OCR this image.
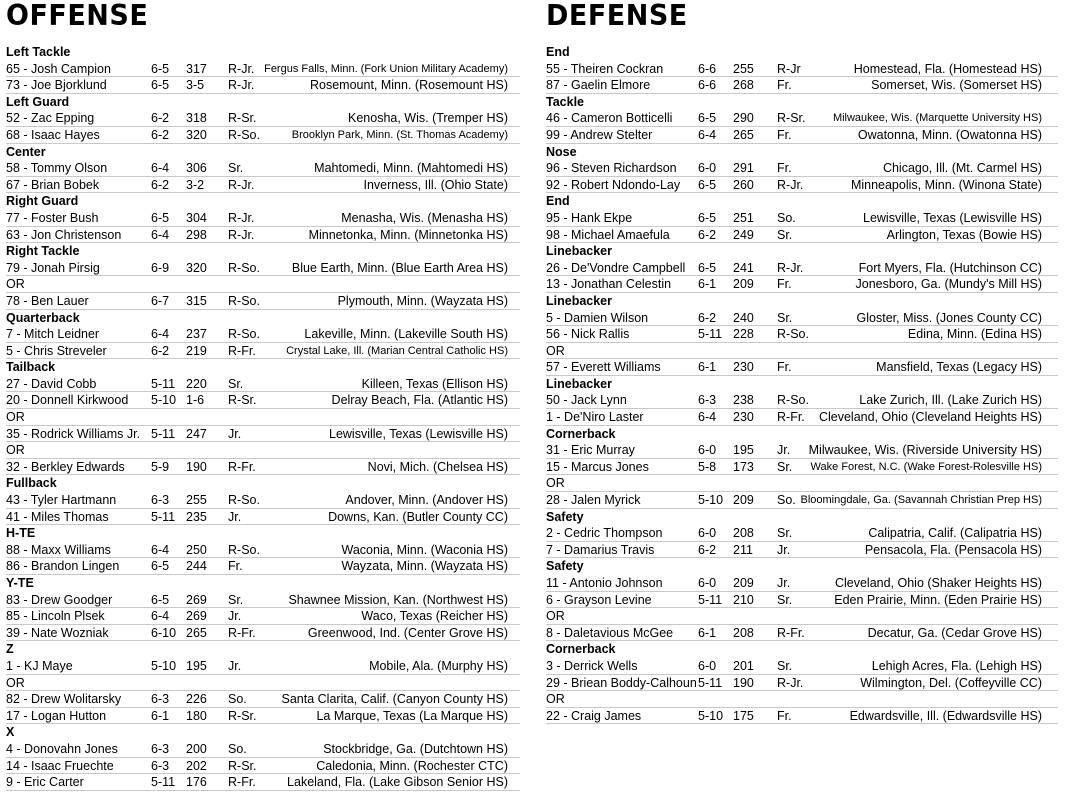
OFFENSE
Left Tackle
65 - Josh Campion	6-5 317 R-Jr. Fergus Falls, Minn. (Fork Union Military Academy)
73 - Joe Bjorklund	6-5 3-5 R-Jr.	Rosemount, Minn. (Rosemount HS)
Left Guard
52 - Zac Epping	6-2 318 R-Sr.	Kenosha, Wis. (Tremper HS)
68 - Isaac Hayes	6-2 320 R-So.	Brooklyn Park, Minn. (St. Thomas Academy)
Center
58 - Tommy Olson	6-4 306 Sr.	Mahtomedi, Minn. (Mahtomedi HS)
67 - Brian Bobek	6-2 3-2 R-Jr.	Inverness, Ill. (Ohio State)
Right Guard
77 - Foster Bush	6-5 304 R-Jr.	Menasha, Wis. (Menasha HS)
63 - Jon Christenson 6-4 298 R-Jr.	Minnetonka, Minn. (Minnetonka HS)
Right Tackle
79 - Jonah Pirsig	6-9 320 R-So.	Blue Earth, Minn. (Blue Earth Area HS)
OR
78 - Ben Lauer	6-7 315 R-So.	Plymouth, Minn. (Wayzata HS)
Quarterback
7 - Mitch Leidner	6-4 237 R-So.	Lakeville, Minn. (Lakeville South HS)
5 - Chris Streveler	6-2 219 R-Fr.	Crystal Lake, Ill. (Marian Central Catholic HS)
Tailback
27 - David Cobb	5-11 220 Sr.	Killeen, Texas (Ellison HS)
20 - Donnell Kirkwood 5-10 1-6 R-Sr.	Delray Beach, Fla. (Atlantic HS)
OR
35 - Rodrick Williams Jr. 5-11 247 Jr.	Lewisville, Texas (Lewisville HS)
OR
32 - Berkley Edwards 5-9 190 R-Fr.	Novi, Mich. (Chelsea HS)
Fullback
43 - Tyler Hartmann	6-3 255 R-So.	Andover, Minn. (Andover HS)
41 - Miles Thomas	5-11 235 Jr.	Downs, Kan. (Butler County CC)
H-TE
88 - Maxx Williams	6-4 250 R-So.	Waconia, Minn. (Waconia HS)
86 - Brandon Lingen	6-5 244 Fr.	Wayzata, Minn. (Wayzata HS)
Y-TE
83 - Drew Goodger	6-5 269 Sr.	Shawnee Mission, Kan. (Northwest HS)
85 - Lincoln Plsek	6-4 269 Jr.	Waco, Texas (Reicher HS)
39 - Nate Wozniak	6-10 265 R-Fr.	Greenwood, Ind. (Center Grove HS)
Z
1 - KJ Maye	5-10 195 Jr.	Mobile, Ala. (Murphy HS)
OR
82 - Drew Wolitarsky 6-3 226 So.	Santa Clarita, Calif. (Canyon County HS)
17 - Logan Hutton	6-1 180 R-Sr.	La Marque, Texas (La Marque HS)
X
4 - Donovahn Jones	6-3 200 So.	Stockbridge, Ga. (Dutchtown HS)
14 - Isaac Fruechte	6-3 202 R-Sr.	Caledonia, Minn. (Rochester CTC)
9 - Eric Carter	5-11 176 R-Fr.	Lakeland, Fla. (Lake Gibson Senior HS)
DEFENSE
End
55 - Theiren Cockran	6-6 255 R-Jr	Homestead, Fla. (Homestead HS)
87 - Gaelin Elmore	6-6 268 Fr.	Somerset, Wis. (Somerset HS)
Tackle
46 - Cameron Botticelli 6-5 290 R-Sr. Milwaukee, Wis. (Marquette University HS)
99 - Andrew Stelter	6-4 265 Fr.	Owatonna, Minn. (Owatonna HS)
Nose
96 - Steven Richardson 6-0 291 Fr.	Chicago, Ill. (Mt. Carmel HS)
92 - Robert Ndondo-Lay 6-5 260 R-Jr.	Minneapolis, Minn. (Winona State)
End
95 - Hank Ekpe	6-5 251 So.	Lewisville, Texas (Lewisville HS)
98 - Michael Amaefula 6-2 249 Sr.	Arlington, Texas (Bowie HS)
Linebacker
26 - De'Vondre Campbell 6-5 241 R-Jr.	Fort Myers, Fla. (Hutchinson CC)
13 - Jonathan Celestin 6-1 209 Fr.	Jonesboro, Ga. (Mundy's Mill HS)
Linebacker
5 - Damien Wilson	6-2 240 Sr.	Gloster, Miss. (Jones County CC)
56 - Nick Rallis	5-11 228 R-So.	Edina, Minn. (Edina HS)
OR
57 - Everett Williams	6-1 230 Fr.	Mansfield, Texas (Legacy HS)
Linebacker
50 - Jack Lynn	6-3 238 R-So.	Lake Zurich, Ill. (Lake Zurich HS)
1 - De'Niro Laster	6-4 230 R-Fr. Cleveland, Ohio (Cleveland Heights HS)
Cornerback
31 - Eric Murray	6-0 195 Jr. Milwaukee, Wis. (Riverside University HS)
15 - Marcus Jones	5-8 173 Sr. Wake Forest, N.C. (Wake Forest-Rolesville HS)
OR
28 - Jalen Myrick	5-10 209 So. Bloomingdale, Ga. (Savannah Christian Prep HS)
Safety
2 - Cedric Thompson	6-0 208 Sr.	Calipatria, Calif. (Calipatria HS)
7 - Damarius Travis	6-2 211 Jr.	Pensacola, Fla. (Pensacola HS)
Safety
11 - Antonio Johnson	6-0 209 Jr.	Cleveland, Ohio (Shaker Heights HS)
6 - Grayson Levine	5-11 210 Sr.	Eden Prairie, Minn. (Eden Prairie HS)
OR
8 - Daletavious McGee 6-1 208 R-Fr.	Decatur, Ga. (Cedar Grove HS)
Cornerback
3 - Derrick Wells	6-0 201 Sr.	Lehigh Acres, Fla. (Lehigh HS)
29 - Briean Boddy-Calhoun 5-11 190 R-Jr.	Wilmington, Del. (Coffeyville CC)
OR
22 - Craig James	5-10 175 Fr.	Edwardsville, Ill. (Edwardsville HS)
